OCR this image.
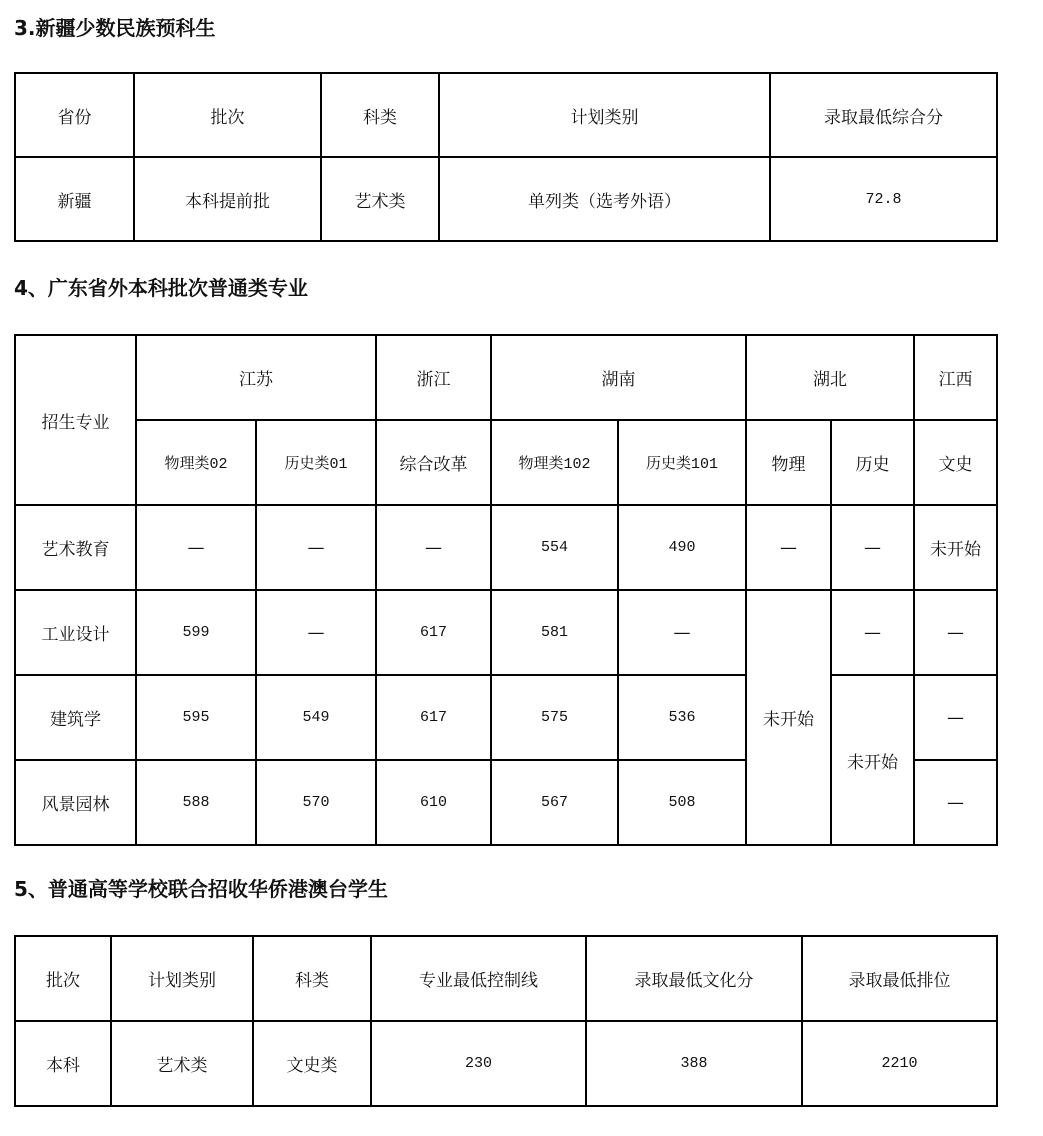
3.新疆少数民族预科生
省份	批次	科类	计划类别	录取最低综合分
新疆	本科提前批	艺术类	单列类（选考外语）	72.8
4、广东省外本科批次普通类专业
招生专业	江苏		浙江	湖南		湖北		江西
	物理类02	历史类01	综合改革	物理类102	历史类101	物理	历史	文史
艺术教育	—	—	—	554	490	—	—	未开始
工业设计	599	—	617	581	—	未开始	—	—
建筑学	595	549	617	575	536		未开始	—
风景园林	588	570	610	567	508			—
5、普通高等学校联合招收华侨港澳台学生
批次	计划类别	科类	专业最低控制线	录取最低文化分	录取最低排位
本科	艺术类	文史类	230	388	2210
